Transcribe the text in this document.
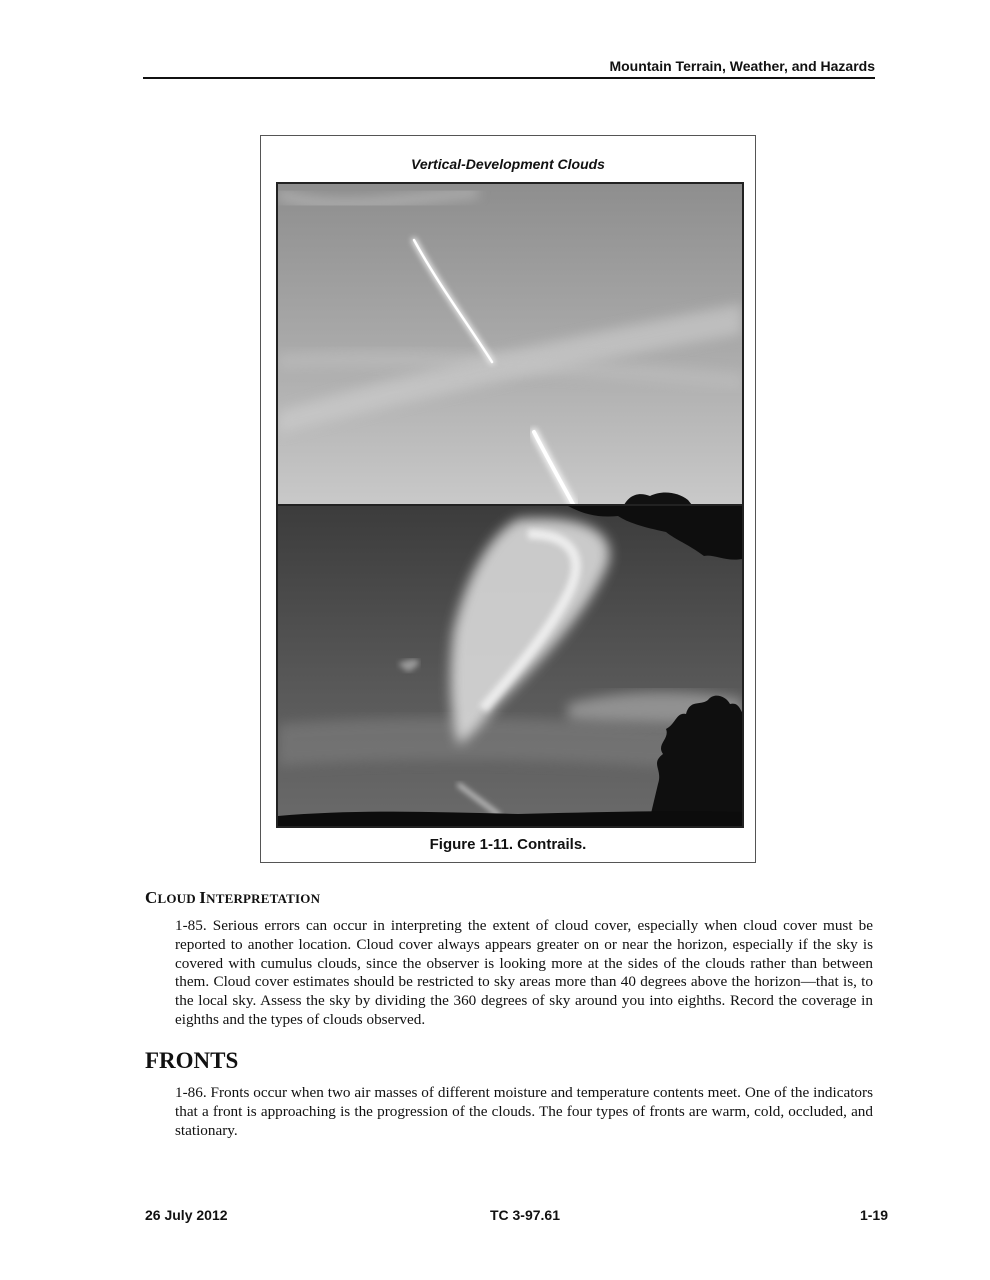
Mountain Terrain, Weather, and Hazards
Vertical-Development Clouds
Figure 1-11. Contrails.
CLOUD INTERPRETATION

1-85. Serious errors can occur in interpreting the extent of cloud cover, especially when cloud cover must be reported to another location. Cloud cover always appears greater on or near the horizon, especially if the sky is covered with cumulus clouds, since the observer is looking more at the sides of the clouds rather than between them. Cloud cover estimates should be restricted to sky areas more than 40 degrees above the horizon—that is, to the local sky. Assess the sky by dividing the 360 degrees of sky around you into eighths. Record the coverage in eighths and the types of clouds observed.

FRONTS

1-86. Fronts occur when two air masses of different moisture and temperature contents meet. One of the indicators that a front is approaching is the progression of the clouds. The four types of fronts are warm, cold, occluded, and stationary.

26 July 2012	TC 3-97.61	1-19
